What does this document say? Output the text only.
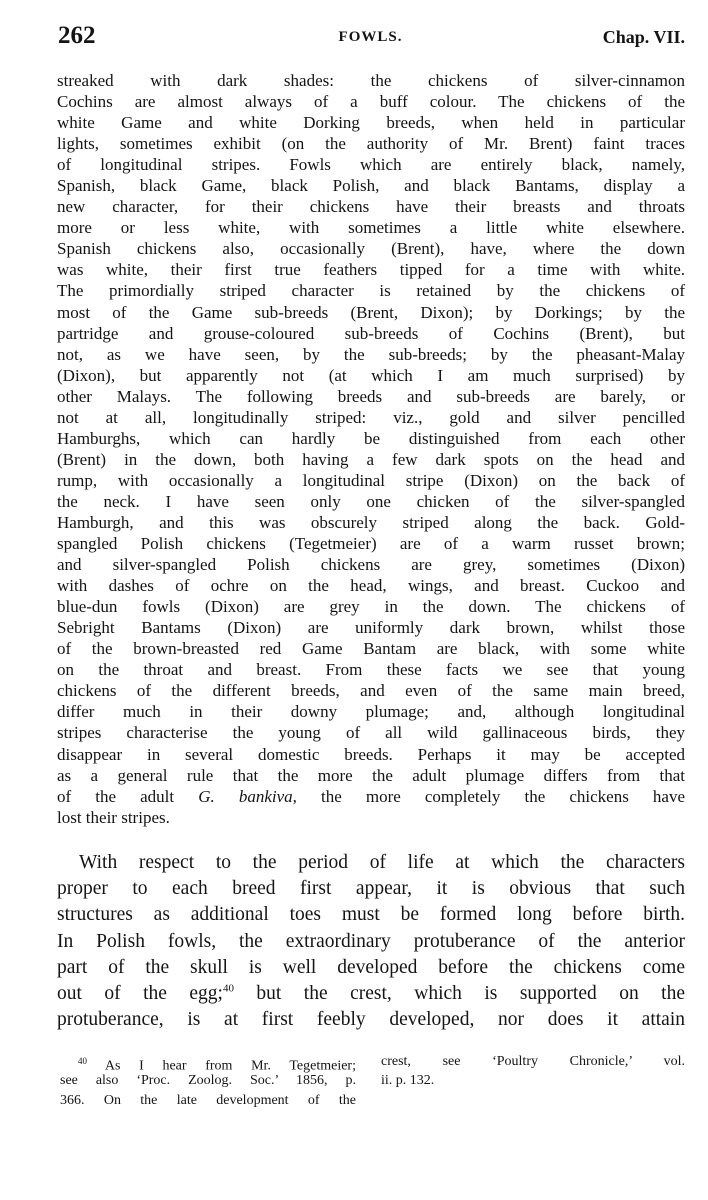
262	FOWLS.	Chap. VII.
streaked with dark shades: the chickens of silver-cinnamon
Cochins are almost always of a buff colour. The chickens of the
white Game and white Dorking breeds, when held in particular
lights, sometimes exhibit (on the authority of Mr. Brent) faint traces
of longitudinal stripes. Fowls which are entirely black, namely,
Spanish, black Game, black Polish, and black Bantams, display a
new character, for their chickens have their breasts and throats
more or less white, with sometimes a little white elsewhere.
Spanish chickens also, occasionally (Brent), have, where the down
was white, their first true feathers tipped for a time with white.
The primordially striped character is retained by the chickens of
most of the Game sub-breeds (Brent, Dixon); by Dorkings; by the
partridge and grouse-coloured sub-breeds of Cochins (Brent), but
not, as we have seen, by the sub-breeds; by the pheasant-Malay
(Dixon), but apparently not (at which I am much surprised) by
other Malays. The following breeds and sub-breeds are barely, or
not at all, longitudinally striped: viz., gold and silver pencilled
Hamburghs, which can hardly be distinguished from each other
(Brent) in the down, both having a few dark spots on the head and
rump, with occasionally a longitudinal stripe (Dixon) on the back of
the neck. I have seen only one chicken of the silver-spangled
Hamburgh, and this was obscurely striped along the back. Gold-
spangled Polish chickens (Tegetmeier) are of a warm russet brown;
and silver-spangled Polish chickens are grey, sometimes (Dixon)
with dashes of ochre on the head, wings, and breast. Cuckoo and
blue-dun fowls (Dixon) are grey in the down. The chickens of
Sebright Bantams (Dixon) are uniformly dark brown, whilst those
of the brown-breasted red Game Bantam are black, with some white
on the throat and breast. From these facts we see that young
chickens of the different breeds, and even of the same main breed,
differ much in their downy plumage; and, although longitudinal
stripes characterise the young of all wild gallinaceous birds, they
disappear in several domestic breeds. Perhaps it may be accepted
as a general rule that the more the adult plumage differs from that
of the adult G. bankiva, the more completely the chickens have
lost their stripes.
With respect to the period of life at which the characters
proper to each breed first appear, it is obvious that such
structures as additional toes must be formed long before birth.
In Polish fowls, the extraordinary protuberance of the anterior
part of the skull is well developed before the chickens come
out of the egg;$^{40}$ but the crest, which is supported on the
protuberance, is at first feebly developed, nor does it attain
$^{40}$ As I hear from Mr. Tegetmeier;
see also ‘Proc. Zoolog. Soc.’ 1856, p.
366. On the late development of the
crest, see ‘Poultry Chronicle,’ vol.
ii. p. 132.
